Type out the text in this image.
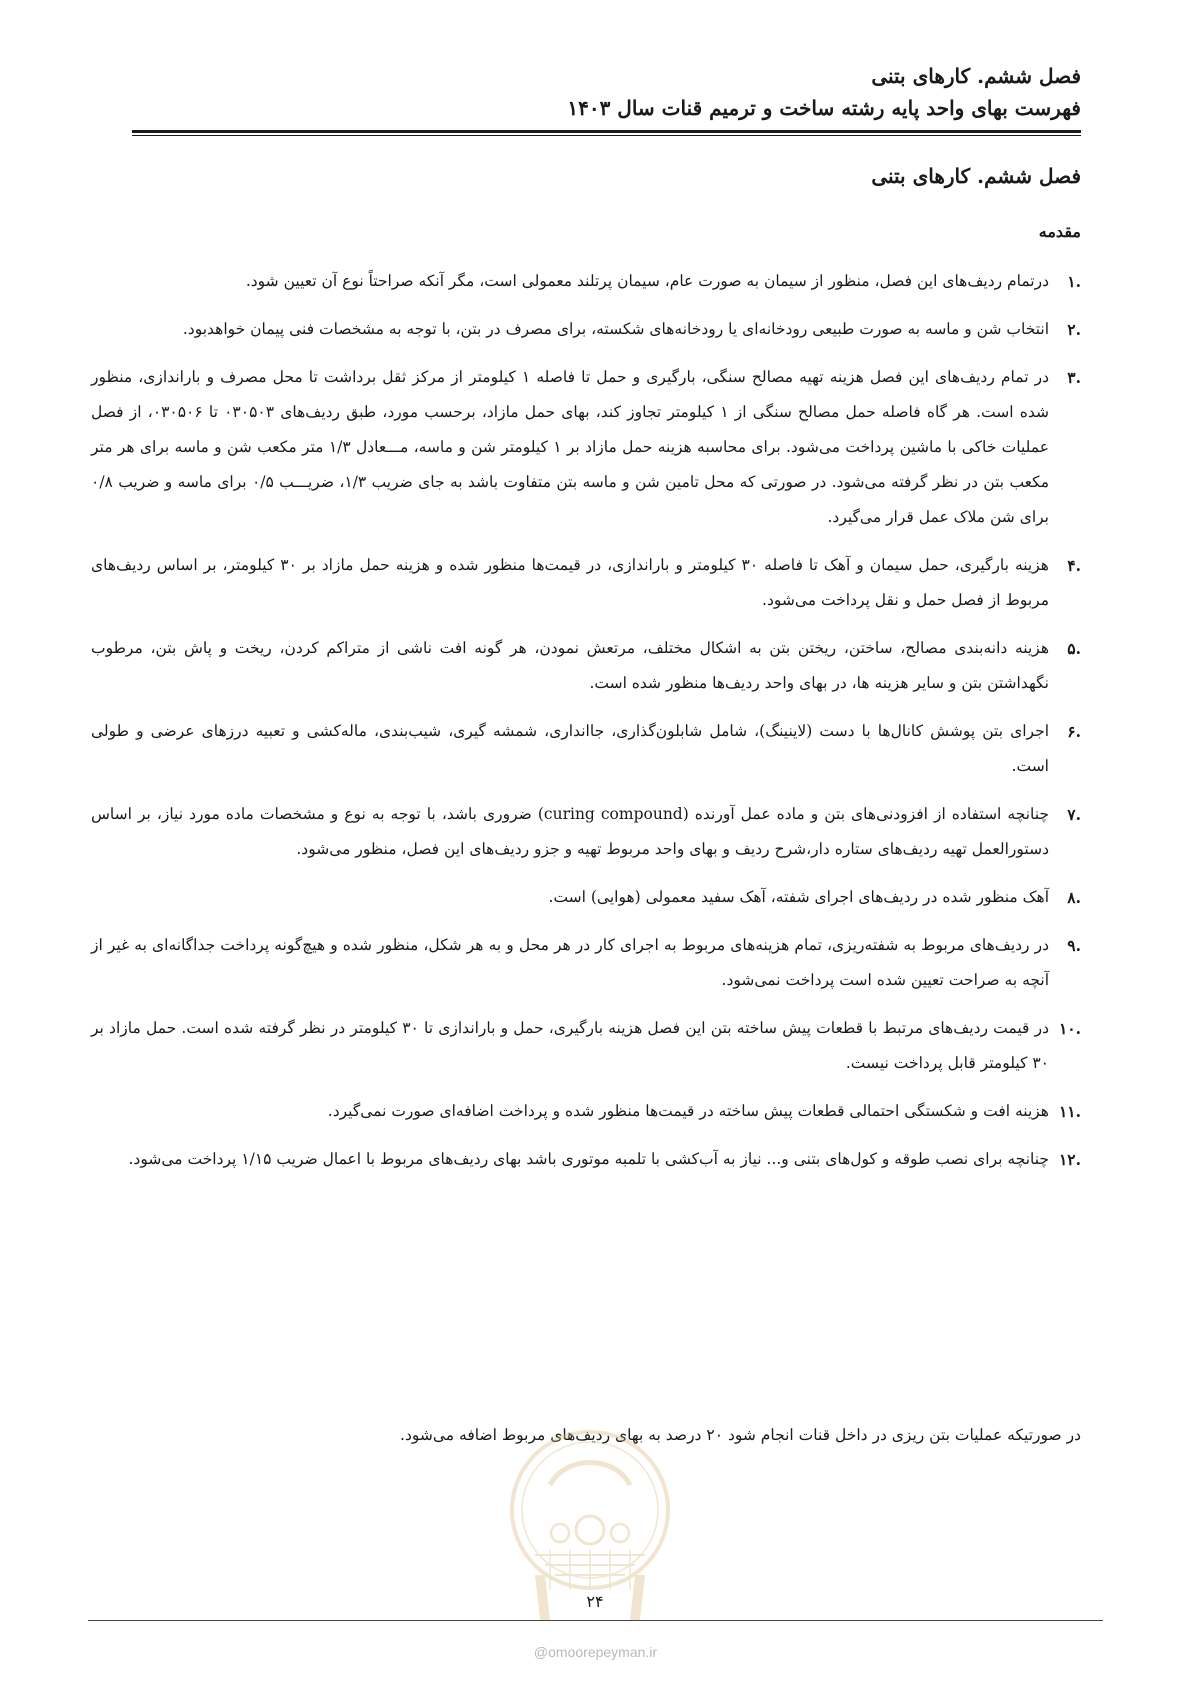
فصل ششم. کارهای بتنی
فهرست بهای واحد پایه رشته ساخت و ترمیم قنات سال ۱۴۰۳
فصل ششم. کارهای بتنی
مقدمه
.۱
درتمام ردیف‌های این فصل، منظور از سیمان به صورت عام، سیمان پرتلند معمولی است، مگر آنکه صراحتاً نوع آن تعیین شود.
.۲
انتخاب شن و ماسه به صورت طبیعی رودخانه‌ای یا رودخانه‌های شکسته، برای مصرف در بتن، با توجه به مشخصات فنی پیمان خواهدبود.
.۳
در تمام ردیف‌های این فصل هزینه تهیه مصالح سنگی، بارگیری و حمل تا فاصله ۱ کیلومتر از مرکز ثقل برداشت تا محل مصرف و باراندازی، منظور شده است. هر گاه فاصله حمل مصالح سنگی از ۱ کیلومتر تجاوز کند، بهای حمل مازاد، برحسب مورد، طبق ردیف‌های ۰۳۰۵۰۳ تا ۰۳۰۵۰۶، از فصل عملیات خاکی با ماشین پرداخت می‌شود. برای محاسبه هزینه حمل مازاد بر ۱ کیلومتر شن و ماسه، مـــعادل ۱/۳ متر مکعب شن و ماسه برای هر متر مکعب بتن در نظر گرفته می‌شود. در صورتی که محل تامین شن و ماسه بتن متفاوت باشد به جای ضریب ۱/۳، ضریـــب ۰/۵ برای ماسه و ضریب ۰/۸ برای شن ملاک عمل قرار می‌گیرد.
.۴
هزینه بارگیری، حمل سیمان و آهک تا فاصله ۳۰ کیلومتر و باراندازی، در قیمت‌ها منظور شده و هزینه حمل مازاد بر ۳۰ کیلومتر، بر اساس ردیف‌های مربوط از فصل حمل و نقل پرداخت می‌شود.
.۵
هزینه دانه‌بندی مصالح، ساختن، ریختن بتن به اشکال مختلف، مرتعش نمودن، هر گونه افت ناشی از متراکم کردن، ریخت و پاش بتن، مرطوب نگهداشتن بتن و سایر هزینه ها، در بهای واحد ردیف‌ها منظور شده است.
.۶
اجرای بتن پوشش کانال‌ها با دست (لاینینگ)، شامل شابلون‌گذاری، جاانداری، شمشه گیری، شیب‌بندی، ماله‌کشی و تعبیه درزهای عرضی و طولی است.
.۷
چنانچه استفاده از افزودنی‌های بتن و ماده عمل آورنده (curing compound) ضروری باشد، با توجه به نوع و مشخصات ماده مورد نیاز، بر اساس دستورالعمل تهیه ردیف‌های ستاره دار،شرح ردیف و بهای واحد مربوط تهیه و جزو ردیف‌های این فصل، منظور می‌شود.
.۸
آهک منظور شده در ردیف‌های اجرای شفته، آهک سفید معمولی (هوایی) است.
.۹
در ردیف‌های مربوط به شفته‌ریزی، تمام هزینه‌های مربوط به اجرای کار در هر محل و به هر شکل، منظور شده و هیچ‌گونه پرداخت جداگانه‌ای به غیر از آنچه به صراحت تعیین شده است پرداخت نمی‌شود.
.۱۰
در قیمت ردیف‌های مرتبط با قطعات پیش ساخته بتن این فصل هزینه بارگیری، حمل و باراندازی تا ۳۰ کیلومتر در نظر گرفته شده است. حمل مازاد بر ۳۰ کیلومتر قابل پرداخت نیست.
.۱۱
هزینه افت و شکستگی احتمالی قطعات پیش ساخته در قیمت‌ها منظور شده و پرداخت اضافه‌ای صورت نمی‌گیرد.
.۱۲
چنانچه برای نصب طوقه و کول‌های بتنی و... نیاز به آب‌کشی با تلمبه موتوری باشد بهای ردیف‌های مربوط با اعمال ضریب ۱/۱۵ پرداخت می‌شود.
در صورتیکه عملیات بتن ریزی در داخل قنات انجام شود ۲۰ درصد به بهای ردیف‌های مربوط اضافه می‌شود.
۲۴
@omoorepeyman.ir
